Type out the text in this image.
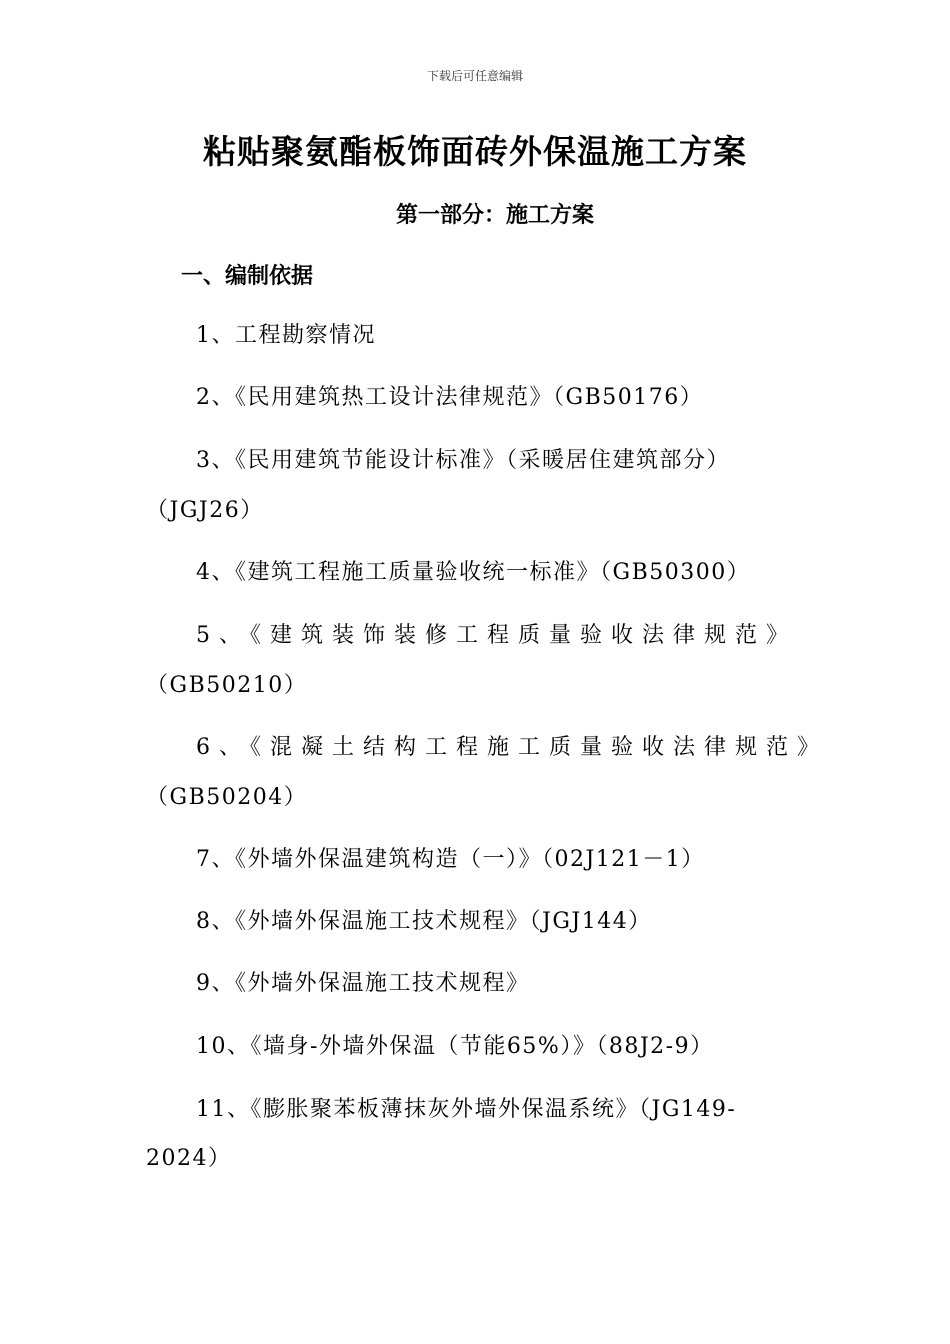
下载后可任意编辑
粘贴聚氨酯板饰面砖外保温施工方案
第一部分：施工方案
一、编制依据
1、工程勘察情况
2、《民用建筑热工设计法律规范》（GB50176）
3、《民用建筑节能设计标准》（采暖居住建筑部分）
（JGJ26）
4、《建筑工程施工质量验收统一标准》（GB50300）
5、《建筑装饰装修工程质量验收法律规范》
（GB50210）
6、《混凝土结构工程施工质量验收法律规范》
（GB50204）
7、《外墙外保温建筑构造（一）》（02J121－1）
8、《外墙外保温施工技术规程》（JGJ144）
9、《外墙外保温施工技术规程》
10、《墙身-外墙外保温（节能65%）》（88J2-9）
11、《膨胀聚苯板薄抹灰外墙外保温系统》（JG149-
2024）
